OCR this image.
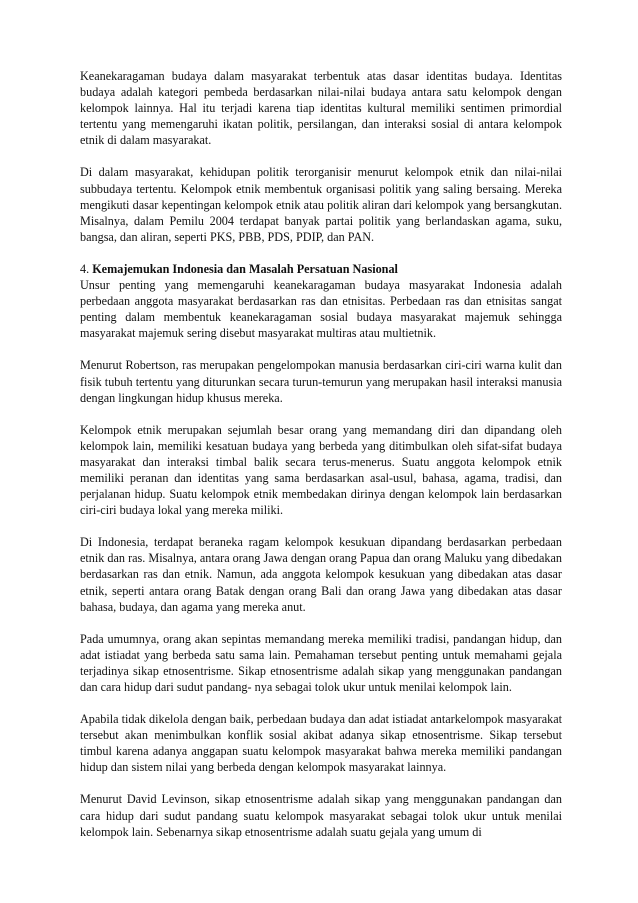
Keanekaragaman budaya dalam masyarakat terbentuk atas dasar identitas budaya. Identitas budaya adalah kategori pembeda berdasarkan nilai-nilai budaya antara satu kelompok dengan kelompok lainnya. Hal itu terjadi karena tiap identitas kultural memiliki sentimen primordial tertentu yang memengaruhi ikatan politik, persilangan, dan interaksi sosial di antara kelompok etnik di dalam masyarakat.

Di dalam masyarakat, kehidupan politik terorganisir menurut kelompok etnik dan nilai-nilai subbudaya tertentu. Kelompok etnik membentuk organisasi politik yang saling bersaing. Mereka mengikuti dasar kepentingan kelompok etnik atau politik aliran dari kelompok yang bersangkutan. Misalnya, dalam Pemilu 2004 terdapat banyak partai politik yang berlandaskan agama, suku, bangsa, dan aliran, seperti PKS, PBB, PDS, PDIP, dan PAN.

4. Kemajemukan Indonesia dan Masalah Persatuan Nasional

Unsur penting yang memengaruhi keanekaragaman budaya masyarakat Indonesia adalah perbedaan anggota masyarakat berdasarkan ras dan etnisitas. Perbedaan ras dan etnisitas sangat penting dalam membentuk keanekaragaman sosial budaya masyarakat majemuk sehingga masyarakat majemuk sering disebut masyarakat multiras atau multietnik.

Menurut Robertson, ras merupakan pengelompokan manusia berdasarkan ciri-ciri warna kulit dan fisik tubuh tertentu yang diturunkan secara turun-temurun yang merupakan hasil interaksi manusia dengan lingkungan hidup khusus mereka.

Kelompok etnik merupakan sejumlah besar orang yang memandang diri dan dipandang oleh kelompok lain, memiliki kesatuan budaya yang berbeda yang ditimbulkan oleh sifat-sifat budaya masyarakat dan interaksi timbal balik secara terus-menerus. Suatu anggota kelompok etnik memiliki peranan dan identitas yang sama berdasarkan asal-usul, bahasa, agama, tradisi, dan perjalanan hidup. Suatu kelompok etnik membedakan dirinya dengan kelompok lain berdasarkan ciri-ciri budaya lokal yang mereka miliki.

Di Indonesia, terdapat beraneka ragam kelompok kesukuan dipandang berdasarkan perbedaan etnik dan ras. Misalnya, antara orang Jawa dengan orang Papua dan orang Maluku yang dibedakan berdasarkan ras dan etnik. Namun, ada anggota kelompok kesukuan yang dibedakan atas dasar etnik, seperti antara orang Batak dengan orang Bali dan orang Jawa yang dibedakan atas dasar bahasa, budaya, dan agama yang mereka anut.

Pada umumnya, orang akan sepintas memandang mereka memiliki tradisi, pandangan hidup, dan adat istiadat yang berbeda satu sama lain. Pemahaman tersebut penting untuk memahami gejala terjadinya sikap etnosentrisme. Sikap etnosentrisme adalah sikap yang menggunakan pandangan dan cara hidup dari sudut pandang- nya sebagai tolok ukur untuk menilai kelompok lain.

Apabila tidak dikelola dengan baik, perbedaan budaya dan adat istiadat antarkelompok masyarakat tersebut akan menimbulkan konflik sosial akibat adanya sikap etnosentrisme. Sikap tersebut timbul karena adanya anggapan suatu kelompok masyarakat bahwa mereka memiliki pandangan hidup dan sistem nilai yang berbeda dengan kelompok masyarakat lainnya.

Menurut David Levinson, sikap etnosentrisme adalah sikap yang menggunakan pandangan dan cara hidup dari sudut pandang suatu kelompok masyarakat sebagai tolok ukur untuk menilai kelompok lain. Sebenarnya sikap etnosentrisme adalah suatu gejala yang umum di
